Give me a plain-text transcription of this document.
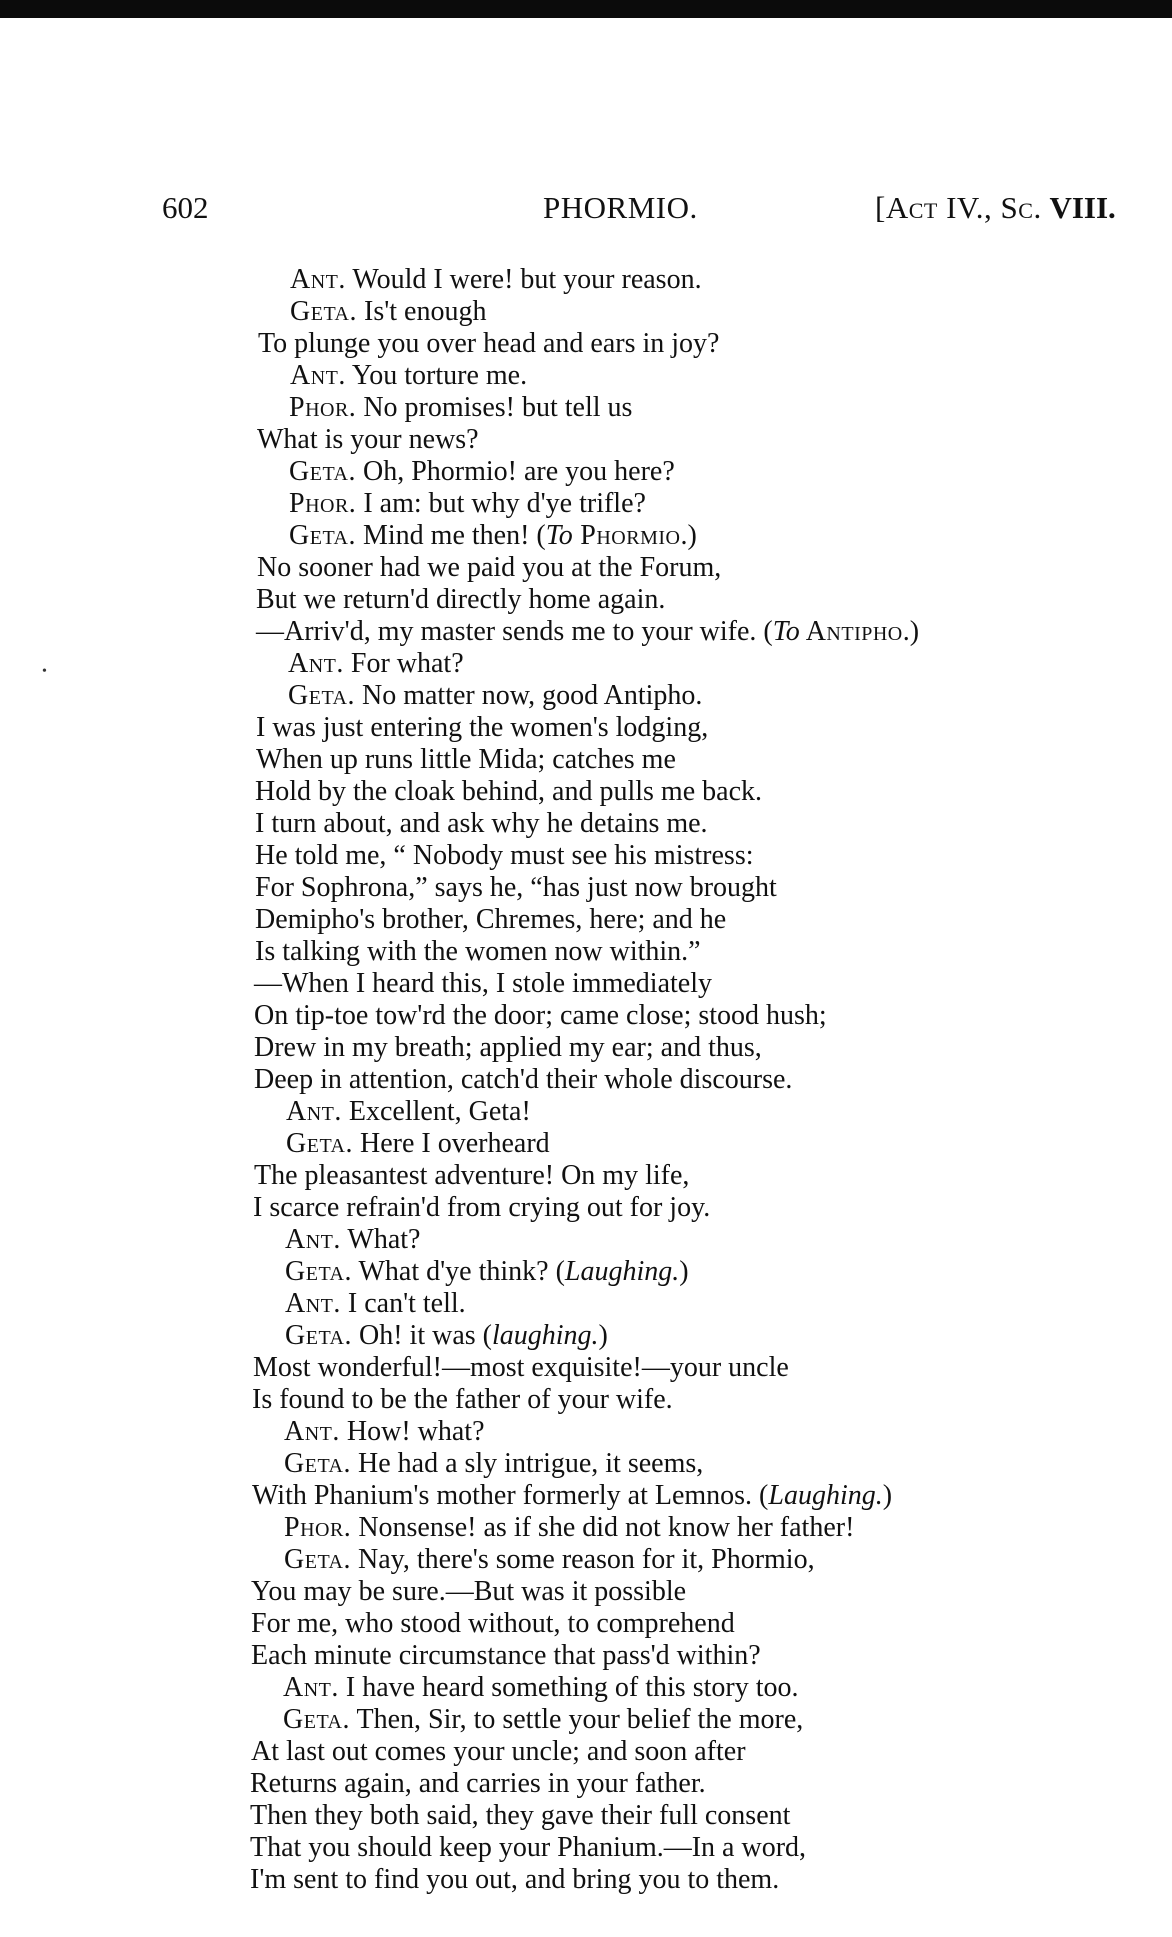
602	PHORMIO.	[Act IV., Sc. VIII.
•
Ant. Would I were! but your reason.
Geta. Is't enough
To plunge you over head and ears in joy?
Ant. You torture me.
Phor. No promises! but tell us
What is your news?
Geta. Oh, Phormio! are you here?
Phor. I am: but why d'ye trifle?
Geta. Mind me then! (To Phormio.)
No sooner had we paid you at the Forum,
But we return'd directly home again.
—Arriv'd, my master sends me to your wife. (To Antipho.)
Ant. For what?
Geta. No matter now, good Antipho.
I was just entering the women's lodging,
When up runs little Mida; catches me
Hold by the cloak behind, and pulls me back.
I turn about, and ask why he detains me.
He told me, “ Nobody must see his mistress:
For Sophrona,” says he, “has just now brought
Demipho's brother, Chremes, here; and he
Is talking with the women now within.”
—When I heard this, I stole immediately
On tip-toe tow'rd the door; came close; stood hush;
Drew in my breath; applied my ear; and thus,
Deep in attention, catch'd their whole discourse.
Ant. Excellent, Geta!
Geta. Here I overheard
The pleasantest adventure! On my life,
I scarce refrain'd from crying out for joy.
Ant. What?
Geta. What d'ye think? (Laughing.)
Ant. I can't tell.
Geta. Oh! it was (laughing.)
Most wonderful!—most exquisite!—your uncle
Is found to be the father of your wife.
Ant. How! what?
Geta. He had a sly intrigue, it seems,
With Phanium's mother formerly at Lemnos. (Laughing.)
Phor. Nonsense! as if she did not know her father!
Geta. Nay, there's some reason for it, Phormio,
You may be sure.—But was it possible
For me, who stood without, to comprehend
Each minute circumstance that pass'd within?
Ant. I have heard something of this story too.
Geta. Then, Sir, to settle your belief the more,
At last out comes your uncle; and soon after
Returns again, and carries in your father.
Then they both said, they gave their full consent
That you should keep your Phanium.—In a word,
I'm sent to find you out, and bring you to them.
